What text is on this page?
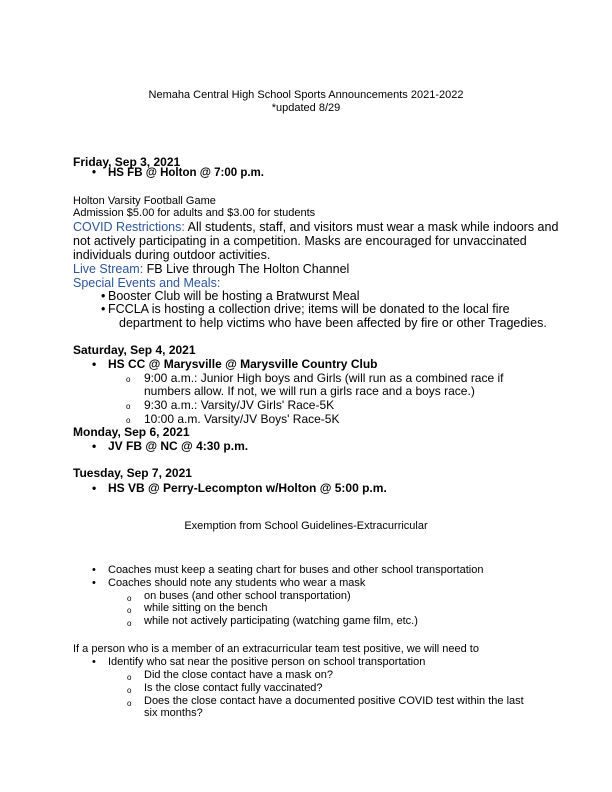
Nemaha Central High School Sports Announcements 2021-2022
*updated 8/29
Friday, Sep 3, 2021
• HS FB @ Holton @ 7:00 p.m.
Holton Varsity Football Game
Admission $5.00 for adults and $3.00 for students
COVID Restrictions: All students, staff, and visitors must wear a mask while indoors and
not actively participating in a competition. Masks are encouraged for unvaccinated
individuals during outdoor activities.
Live Stream: FB Live through The Holton Channel
Special Events and Meals:
• Booster Club will be hosting a Bratwurst Meal
• FCCLA is hosting a collection drive; items will be donated to the local fire
department to help victims who have been affected by fire or other Tragedies.
Saturday, Sep 4, 2021
• HS CC @ Marysville @ Marysville Country Club
o 9:00 a.m.: Junior High boys and Girls (will run as a combined race if
numbers allow. If not, we will run a girls race and a boys race.)
o 9:30 a.m.: Varsity/JV Girls' Race-5K
o 10:00 a.m. Varsity/JV Boys' Race-5K
Monday, Sep 6, 2021
• JV FB @ NC @ 4:30 p.m.
Tuesday, Sep 7, 2021
• HS VB @ Perry-Lecompton w/Holton @ 5:00 p.m.
Exemption from School Guidelines-Extracurricular
• Coaches must keep a seating chart for buses and other school transportation
• Coaches should note any students who wear a mask
o on buses (and other school transportation)
o while sitting on the bench
o while not actively participating (watching game film, etc.)
If a person who is a member of an extracurricular team test positive, we will need to
• Identify who sat near the positive person on school transportation
o Did the close contact have a mask on?
o Is the close contact fully vaccinated?
o Does the close contact have a documented positive COVID test within the last
six months?
